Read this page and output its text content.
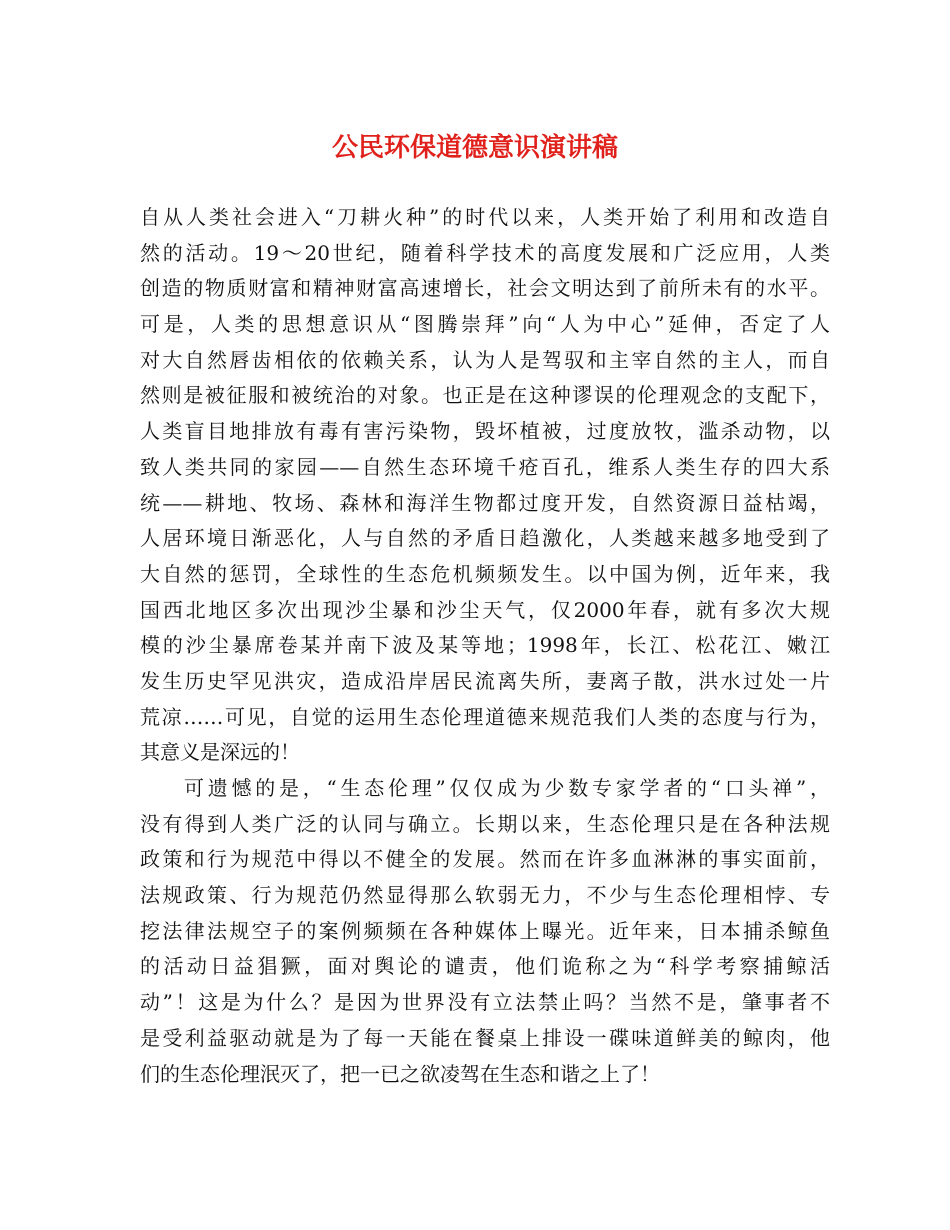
公民环保道德意识演讲稿
自从人类社会进入“刀耕火种”的时代以来，人类开始了利用和改造自
然的活动。19～20世纪，随着科学技术的高度发展和广泛应用，人类
创造的物质财富和精神财富高速增长，社会文明达到了前所未有的水平。
可是，人类的思想意识从“图腾崇拜”向“人为中心”延伸，否定了人
对大自然唇齿相依的依赖关系，认为人是驾驭和主宰自然的主人，而自
然则是被征服和被统治的对象。也正是在这种谬误的伦理观念的支配下，
人类盲目地排放有毒有害污染物，毁坏植被，过度放牧，滥杀动物，以
致人类共同的家园——自然生态环境千疮百孔，维系人类生存的四大系
统——耕地、牧场、森林和海洋生物都过度开发，自然资源日益枯竭，
人居环境日渐恶化，人与自然的矛盾日趋激化，人类越来越多地受到了
大自然的惩罚，全球性的生态危机频频发生。以中国为例，近年来，我
国西北地区多次出现沙尘暴和沙尘天气，仅2000年春，就有多次大规
模的沙尘暴席卷某并南下波及某等地；1998年，长江、松花江、嫩江
发生历史罕见洪灾，造成沿岸居民流离失所，妻离子散，洪水过处一片
荒凉……可见，自觉的运用生态伦理道德来规范我们人类的态度与行为，
其意义是深远的！
可遗憾的是，“生态伦理”仅仅成为少数专家学者的“口头禅”，
没有得到人类广泛的认同与确立。长期以来，生态伦理只是在各种法规
政策和行为规范中得以不健全的发展。然而在许多血淋淋的事实面前，
法规政策、行为规范仍然显得那么软弱无力，不少与生态伦理相悖、专
挖法律法规空子的案例频频在各种媒体上曝光。近年来，日本捕杀鲸鱼
的活动日益猖獗，面对舆论的谴责，他们诡称之为“科学考察捕鲸活
动”！这是为什么？是因为世界没有立法禁止吗？当然不是，肇事者不
是受利益驱动就是为了每一天能在餐桌上排设一碟味道鲜美的鲸肉，他
们的生态伦理泯灭了，把一已之欲凌驾在生态和谐之上了！
